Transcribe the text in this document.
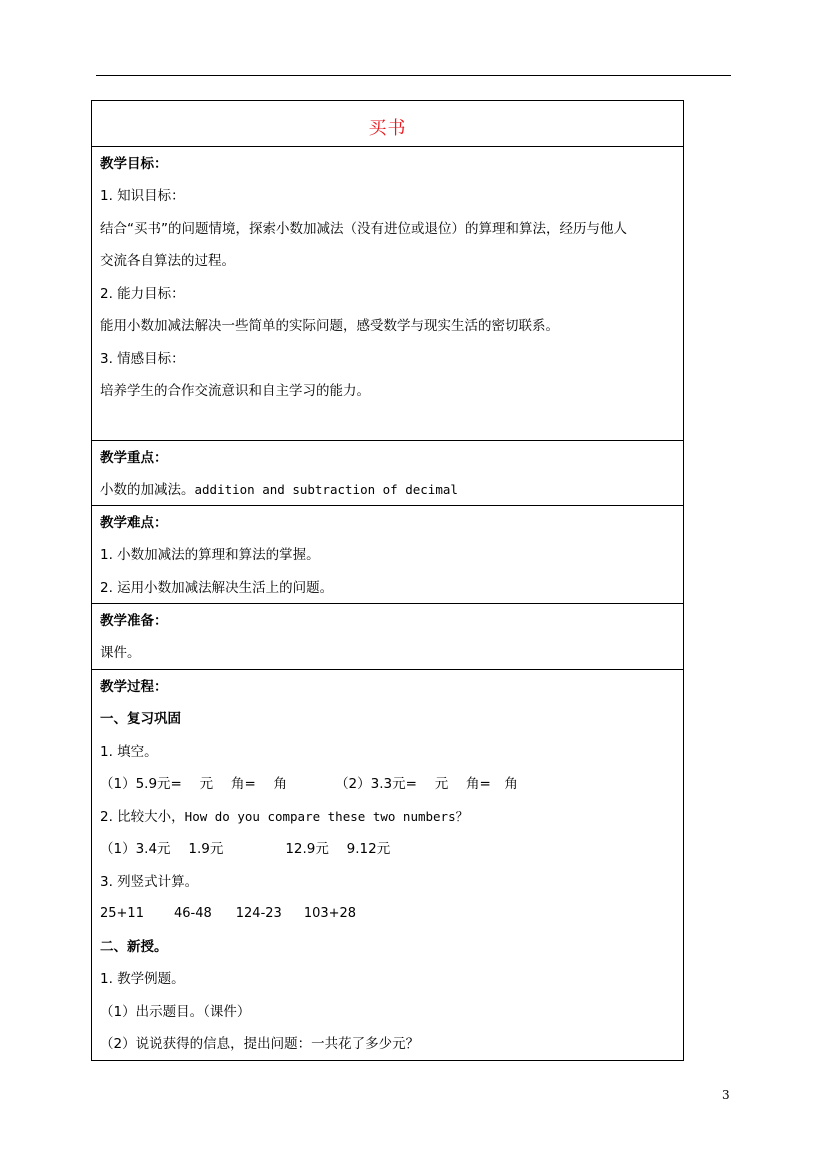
买书
教学目标：
1. 知识目标：
结合“买书”的问题情境，探索小数加减法（没有进位或退位）的算理和算法，经历与他人
交流各自算法的过程。
2. 能力目标：
能用小数加减法解决一些简单的实际问题，感受数学与现实生活的密切联系。
3. 情感目标：
培养学生的合作交流意识和自主学习的能力。
教学重点：
小数的加减法。addition and subtraction of decimal
教学难点：
1. 小数加减法的算理和算法的掌握。
2. 运用小数加减法解决生活上的问题。
教学准备：
课件。
教学过程：
一、复习巩固
1. 填空。
（1）5.9元=　 元　 角=　 角	（2）3.3元=　 元　 角=　角
2. 比较大小，How do you compare these two numbers？
（1）3.4元　 1.9元	12.9元　 9.12元
3. 列竖式计算。
25+11 46-48 124-23 103+28
二、新授。
1. 教学例题。
（1）出示题目。（课件）
（2）说说获得的信息，提出问题：一共花了多少元？
3
